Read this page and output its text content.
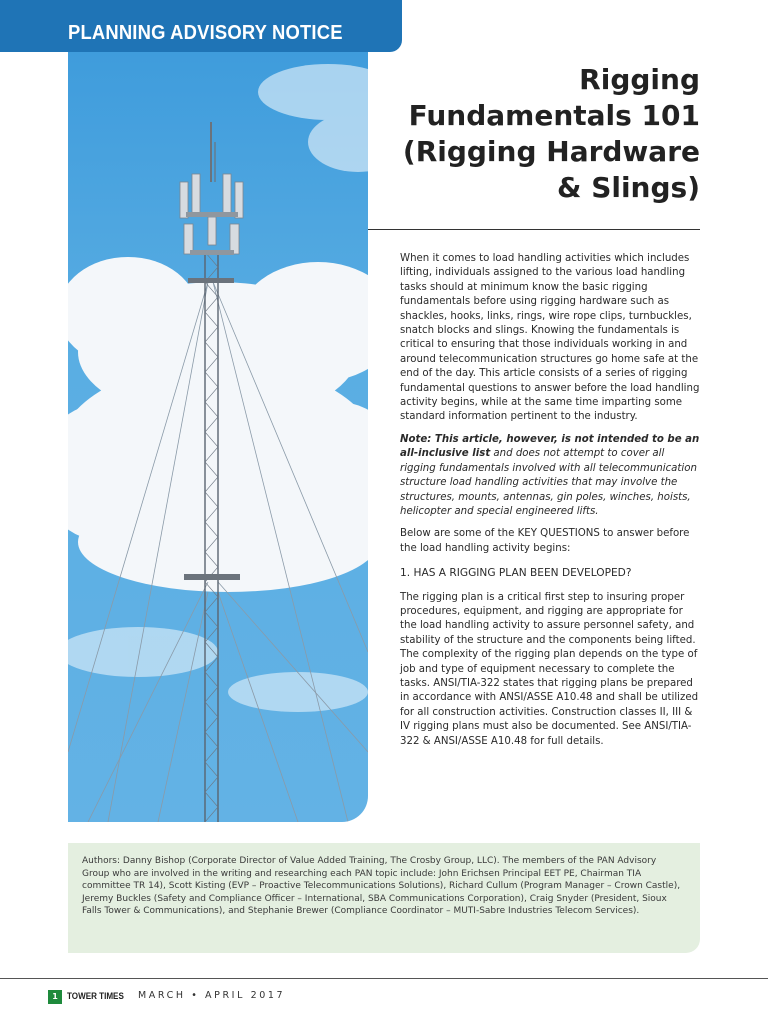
PLANNING ADVISORY NOTICE
Rigging
Fundamentals 101
(Rigging Hardware
& Slings)

When it comes to load handling activities which includes lifting, individuals assigned to the various load handling tasks should at minimum know the basic rigging fundamentals before using rigging hardware such as shackles, hooks, links, rings, wire rope clips, turnbuckles, snatch blocks and slings. Knowing the fundamentals is critical to ensuring that those individuals working in and around telecommunication structures go home safe at the end of the day. This article consists of a series of rigging fundamental questions to answer before the load handling activity begins, while at the same time imparting some standard information pertinent to the industry.

Note: This article, however, is not intended to be an all-inclusive list and does not attempt to cover all rigging fundamentals involved with all telecommunication structure load handling activities that may involve the structures, mounts, antennas, gin poles, winches, hoists, helicopter and special engineered lifts.

Below are some of the KEY QUESTIONS to answer before the load handling activity begins:

1. HAS A RIGGING PLAN BEEN DEVELOPED?

The rigging plan is a critical first step to insuring proper procedures, equipment, and rigging are appropriate for the load handling activity to assure personnel safety, and stability of the structure and the components being lifted. The complexity of the rigging plan depends on the type of job and type of equipment necessary to complete the tasks. ANSI/TIA-322 states that rigging plans be prepared in accordance with ANSI/ASSE A10.48 and shall be utilized for all construction activities. Construction classes II, III & IV rigging plans must also be documented. See ANSI/TIA-322 & ANSI/ASSE A10.48 for full details.

Authors: Danny Bishop (Corporate Director of Value Added Training, The Crosby Group, LLC). The members of the PAN Advisory Group who are involved in the writing and researching each PAN topic include: John Erichsen Principal EET PE, Chairman TIA committee TR 14), Scott Kisting (EVP – Proactive Telecommunications Solutions), Richard Cullum (Program Manager – Crown Castle), Jeremy Buckles (Safety and Compliance Officer – International, SBA Communications Corporation), Craig Snyder (President, Sioux Falls Tower & Communications), and Stephanie Brewer (Compliance Coordinator – MUTI-Sabre Industries Telecom Services).
1 TOWER TIMES MARCH • APRIL 2017
